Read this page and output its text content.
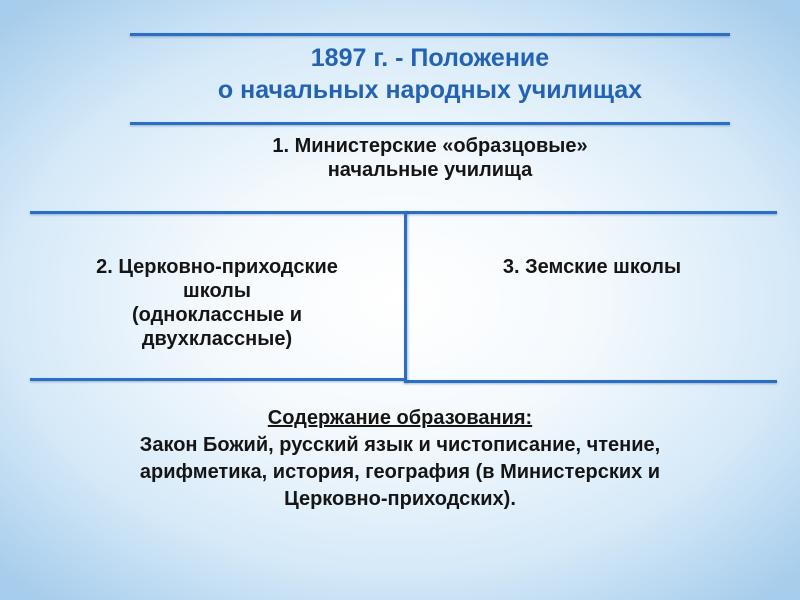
1897 г. - Положение
о начальных народных училищах
1. Министерские «образцовые»
начальные училища
2. Церковно-приходские
школы
(одноклассные и
двухклассные)
3. Земские школы
Содержание образования:
Закон Божий, русский язык и чистописание, чтение,
арифметика, история, география (в Министерских и
Церковно-приходских).
